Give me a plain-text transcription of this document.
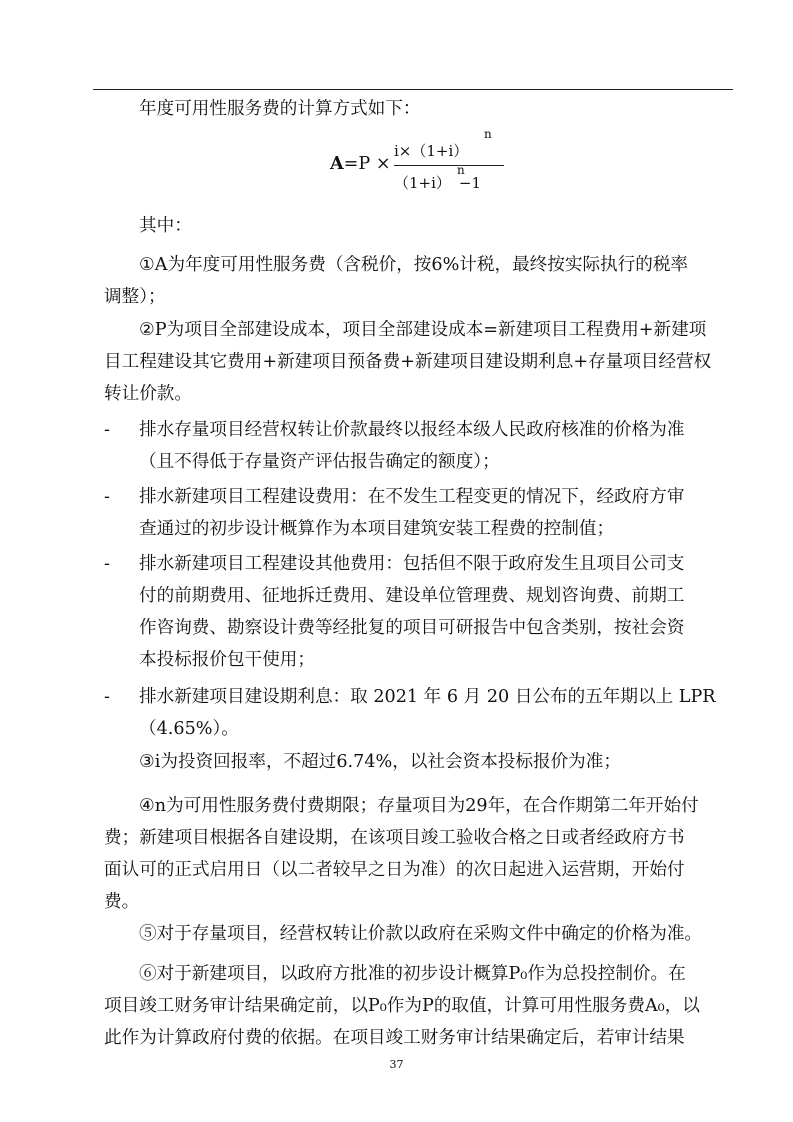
年度可用性服务费的计算方式如下：
A=P ×
i×（1+i）
n
（1+i） −1
n
其中：
①A为年度可用性服务费（含税价，按6%计税，最终按实际执行的税率
调整）；
②P为项目全部建设成本，项目全部建设成本=新建项目工程费用+新建项
目工程建设其它费用+新建项目预备费+新建项目建设期利息+存量项目经营权
转让价款。
-	排水存量项目经营权转让价款最终以报经本级人民政府核准的价格为准
（且不得低于存量资产评估报告确定的额度）；
-	排水新建项目工程建设费用：在不发生工程变更的情况下，经政府方审
查通过的初步设计概算作为本项目建筑安装工程费的控制值；
-	排水新建项目工程建设其他费用：包括但不限于政府发生且项目公司支
付的前期费用、征地拆迁费用、建设单位管理费、规划咨询费、前期工
作咨询费、勘察设计费等经批复的项目可研报告中包含类别，按社会资
本投标报价包干使用；
-	排水新建项目建设期利息：取 2021 年 6 月 20 日公布的五年期以上 LPR
（4.65%）。
③i为投资回报率，不超过6.74%，以社会资本投标报价为准；
④n为可用性服务费付费期限；存量项目为29年，在合作期第二年开始付
费；新建项目根据各自建设期，在该项目竣工验收合格之日或者经政府方书
面认可的正式启用日（以二者较早之日为准）的次日起进入运营期，开始付
费。
⑤对于存量项目，经营权转让价款以政府在采购文件中确定的价格为准。
⑥对于新建项目，以政府方批准的初步设计概算P₀作为总投控制价。在
项目竣工财务审计结果确定前，以P₀作为P的取值，计算可用性服务费A₀，以
此作为计算政府付费的依据。在项目竣工财务审计结果确定后，若审计结果
37
